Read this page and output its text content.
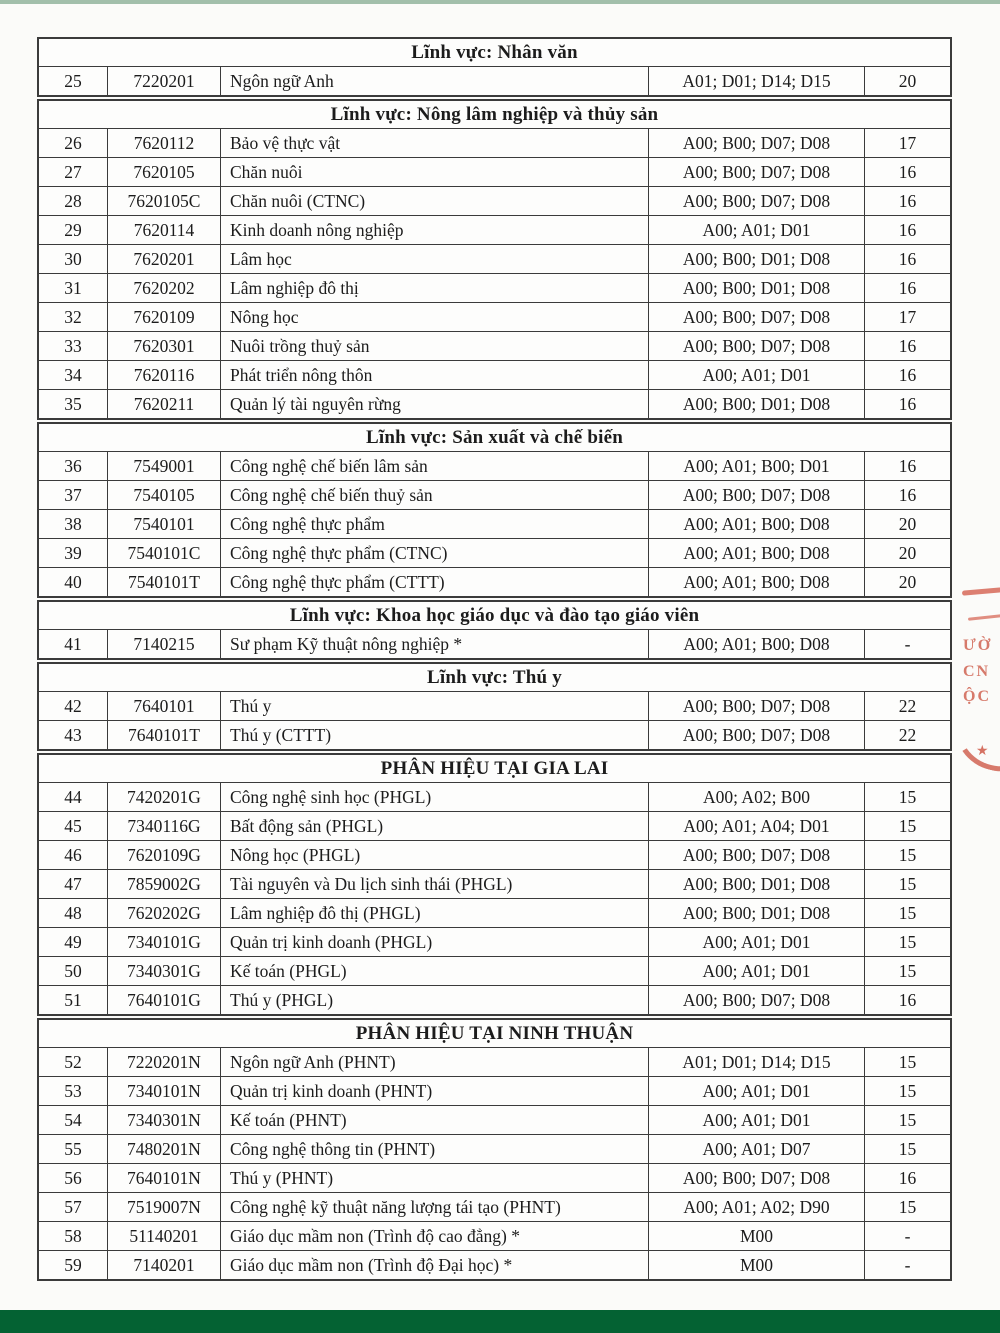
Lĩnh vực: Nhân văn
25	7220201	Ngôn ngữ Anh	A01; D01; D14; D15	20
Lĩnh vực: Nông lâm nghiệp và thủy sản
26	7620112	Bảo vệ thực vật	A00; B00; D07; D08	17
27	7620105	Chăn nuôi	A00; B00; D07; D08	16
28	7620105C	Chăn nuôi (CTNC)	A00; B00; D07; D08	16
29	7620114	Kinh doanh nông nghiệp	A00; A01; D01	16
30	7620201	Lâm học	A00; B00; D01; D08	16
31	7620202	Lâm nghiệp đô thị	A00; B00; D01; D08	16
32	7620109	Nông học	A00; B00; D07; D08	17
33	7620301	Nuôi trồng thuỷ sản	A00; B00; D07; D08	16
34	7620116	Phát triển nông thôn	A00; A01; D01	16
35	7620211	Quản lý tài nguyên rừng	A00; B00; D01; D08	16
Lĩnh vực: Sản xuất và chế biến
36	7549001	Công nghệ chế biến lâm sản	A00; A01; B00; D01	16
37	7540105	Công nghệ chế biến thuỷ sản	A00; B00; D07; D08	16
38	7540101	Công nghệ thực phẩm	A00; A01; B00; D08	20
39	7540101C	Công nghệ thực phẩm (CTNC)	A00; A01; B00; D08	20
40	7540101T	Công nghệ thực phẩm (CTTT)	A00; A01; B00; D08	20
Lĩnh vực: Khoa học giáo dục và đào tạo giáo viên
41	7140215	Sư phạm Kỹ thuật nông nghiệp *	A00; A01; B00; D08	-
Lĩnh vực: Thú y
42	7640101	Thú y	A00; B00; D07; D08	22
43	7640101T	Thú y (CTTT)	A00; B00; D07; D08	22
PHÂN HIỆU TẠI GIA LAI
44	7420201G	Công nghệ sinh học (PHGL)	A00; A02; B00	15
45	7340116G	Bất động sản (PHGL)	A00; A01; A04; D01	15
46	7620109G	Nông học (PHGL)	A00; B00; D07; D08	15
47	7859002G	Tài nguyên và Du lịch sinh thái (PHGL)	A00; B00; D01; D08	15
48	7620202G	Lâm nghiệp đô thị (PHGL)	A00; B00; D01; D08	15
49	7340101G	Quản trị kinh doanh (PHGL)	A00; A01; D01	15
50	7340301G	Kế toán (PHGL)	A00; A01; D01	15
51	7640101G	Thú y (PHGL)	A00; B00; D07; D08	16
PHÂN HIỆU TẠI NINH THUẬN
52	7220201N	Ngôn ngữ Anh (PHNT)	A01; D01; D14; D15	15
53	7340101N	Quản trị kinh doanh (PHNT)	A00; A01; D01	15
54	7340301N	Kế toán (PHNT)	A00; A01; D01	15
55	7480201N	Công nghệ thông tin (PHNT)	A00; A01; D07	15
56	7640101N	Thú y (PHNT)	A00; B00; D07; D08	16
57	7519007N	Công nghệ kỹ thuật năng lượng tái tạo (PHNT)	A00; A01; A02; D90	15
58	51140201	Giáo dục mầm non (Trình độ cao đẳng) *	M00	-
59	7140201	Giáo dục mầm non (Trình độ Đại học) *	M00	-
ƯỜ
CN
ỘC
★
